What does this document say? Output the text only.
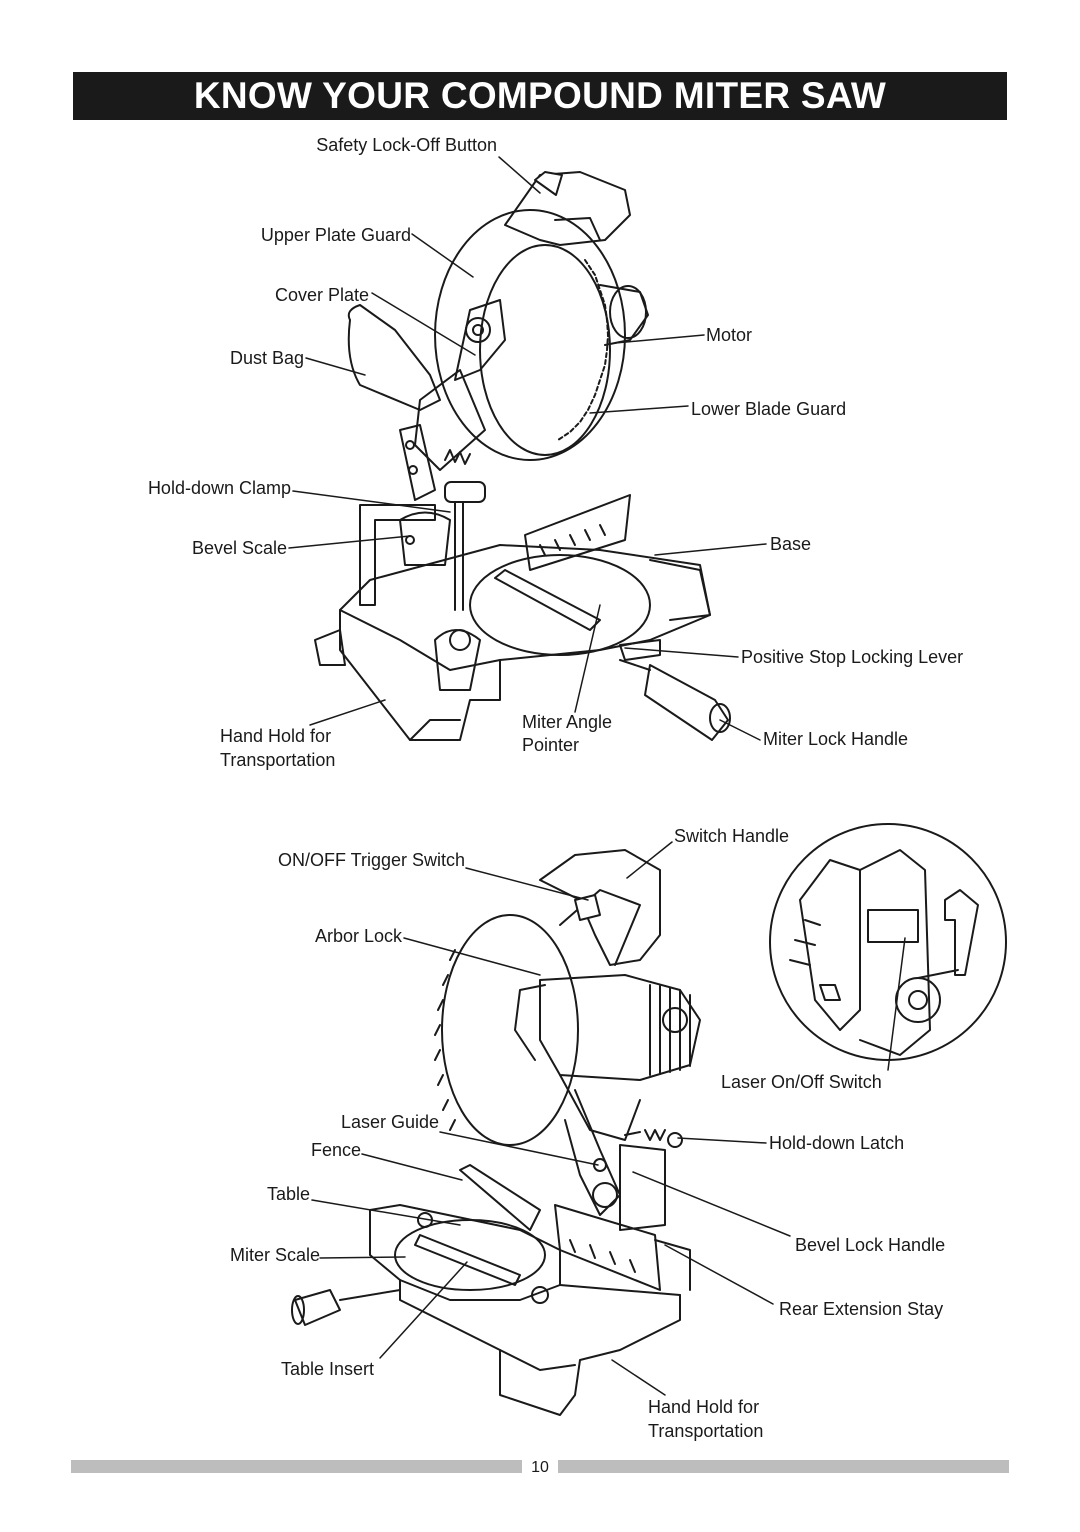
KNOW YOUR COMPOUND MITER SAW
Safety Lock-Off Button
Upper Plate Guard
Cover Plate
Dust Bag
Motor
Lower Blade Guard
Hold-down Clamp
Bevel Scale	Base
Positive Stop Locking Lever
Hand Hold for
Transportation
Miter Angle
Pointer	Miter Lock Handle
Switch Handle
ON/OFF Trigger Switch
Arbor Lock
Laser On/Off Switch
Laser Guide
Fence	Hold-down Latch
Table
Miter Scale	Bevel Lock Handle
Rear Extension Stay
Table Insert
Hand Hold for
Transportation
10
